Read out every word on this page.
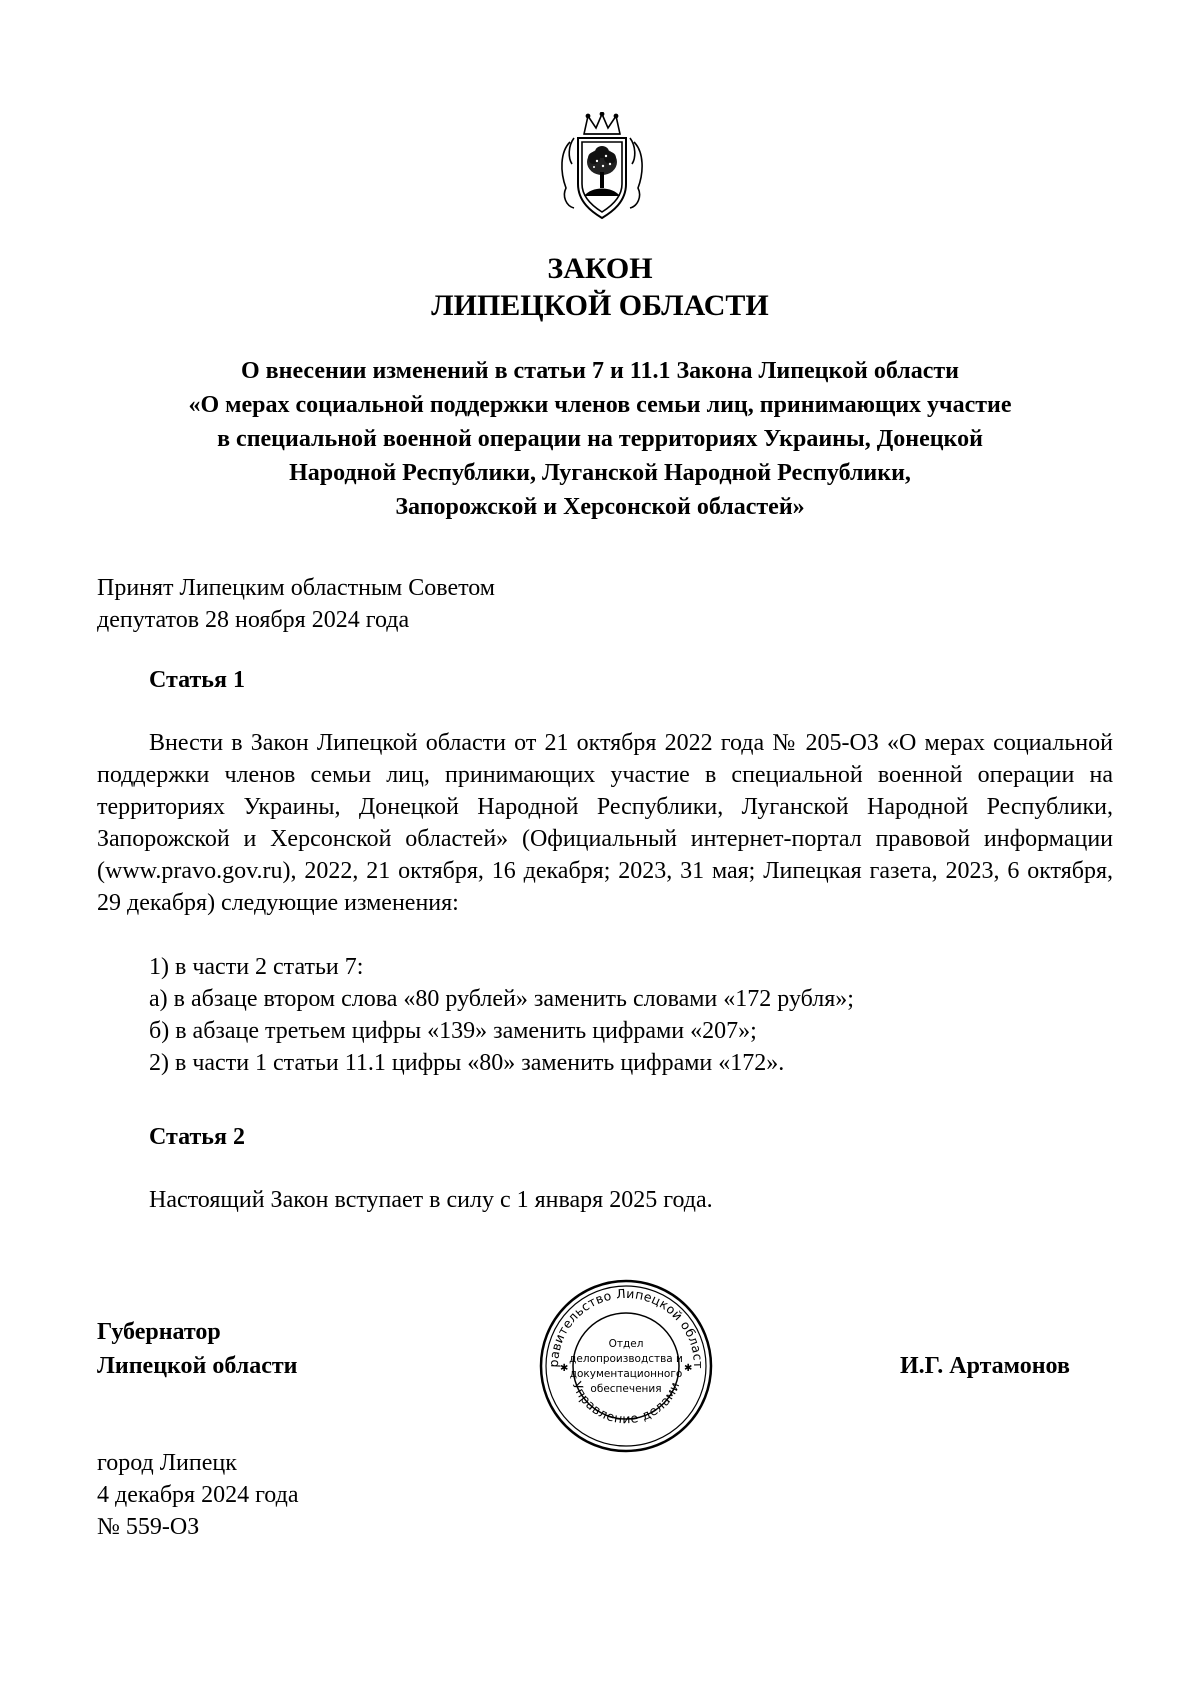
ЗАКОН
ЛИПЕЦКОЙ ОБЛАСТИ
О внесении изменений в статьи 7 и 11.1 Закона Липецкой области
«О мерах социальной поддержки членов семьи лиц, принимающих участие
в специальной военной операции на территориях Украины, Донецкой
Народной Республики, Луганской Народной Республики,
Запорожской и Херсонской областей»
Принят Липецким областным Советом
депутатов 28 ноября 2024 года
Статья 1
Внести в Закон Липецкой области от 21 октября 2022 года № 205-ОЗ «О мерах социальной поддержки членов семьи лиц, принимающих участие в специальной военной операции на территориях Украины, Донецкой Народной Республики, Луганской Народной Республики, Запорожской и Херсонской областей» (Официальный интернет-портал правовой информации (www.pravo.gov.ru), 2022, 21 октября, 16 декабря; 2023, 31 мая; Липецкая газета, 2023, 6 октября, 29 декабря) следующие изменения:
1) в части 2 статьи 7:
а) в абзаце втором слова «80 рублей» заменить словами «172 рубля»;
б) в абзаце третьем цифры «139» заменить цифрами «207»;
2) в части 1 статьи 11.1 цифры «80» заменить цифрами «172».
Статья 2
Настоящий Закон вступает в силу с 1 января 2025 года.
Губернатор
Липецкой области	И.Г. Артамонов
равительство Липецкой област
Управление делами
✱	✱
Отдел
делопроизводства и
документационного
обеспечения
город Липецк
4 декабря 2024 года
№ 559-ОЗ
